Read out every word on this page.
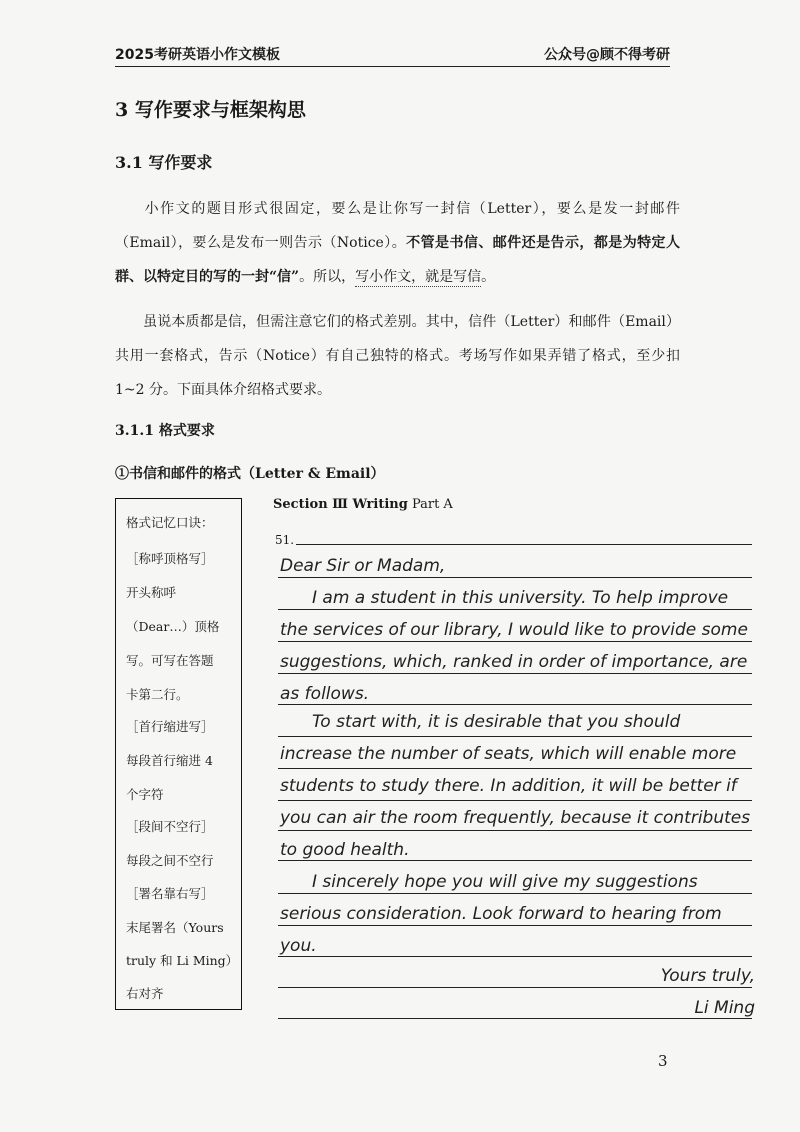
2025考研英语小作文模板	公众号@顾不得考研
3 写作要求与框架构思
3.1 写作要求
小作文的题目形式很固定，要么是让你写一封信（Letter），要么是发一封邮件（Email），要么是发布一则告示（Notice）。不管是书信、邮件还是告示，都是为特定人群、以特定目的写的一封“信”。所以，写小作文，就是写信。
虽说本质都是信，但需注意它们的格式差别。其中，信件（Letter）和邮件（Email）共用一套格式，告示（Notice）有自己独特的格式。考场写作如果弄错了格式，至少扣 1~2 分。下面具体介绍格式要求。
3.1.1 格式要求
①书信和邮件的格式（Letter & Email）
格式记忆口诀：
［称呼顶格写］
开头称呼
（Dear…）顶格
写。可写在答题
卡第二行。
［首行缩进写］
每段首行缩进 4
个字符
［段间不空行］
每段之间不空行
［署名靠右写］
末尾署名（Yours
truly 和 Li Ming）
右对齐
Section Ⅲ Writing Part A
51.
Dear Sir or Madam,
I am a student in this university. To help improve
the services of our library, I would like to provide some
suggestions, which, ranked in order of importance, are
as follows.
To start with, it is desirable that you should
increase the number of seats, which will enable more
students to study there. In addition, it will be better if
you can air the room frequently, because it contributes
to good health.
I sincerely hope you will give my suggestions
serious consideration. Look forward to hearing from
you.
Yours truly,
Li Ming
3
